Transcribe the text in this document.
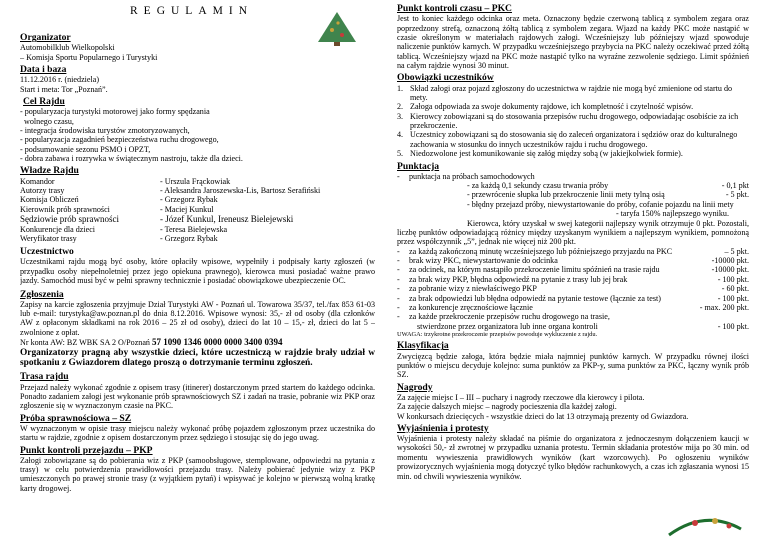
REGULAMIN
Organizator
Automobilklub Wielkopolski
– Komisja Sportu Popularnego i Turystyki
Data i baza
11.12.2016 r. (niedziela)
Start i meta: Tor „Poznań”.
Cel Rajdu
- popularyzacja turystyki motorowej jako formy spędzania
wolnego czasu,
- integracja środowiska turystów zmotoryzowanych,
- popularyzacja zagadnień bezpieczeństwa ruchu drogowego,
- podsumowanie sezonu PSMO i OPZT,
- dobra zabawa i rozrywka w świątecznym nastroju, także dla dzieci.
Władze Rajdu
Komandor	- Urszula Frąckowiak
Autorzy trasy	- Aleksandra Jaroszewska-Lis, Bartosz Serafiński
Komisja Obliczeń	- Grzegorz Rybak
Kierownik prób sprawności	- Maciej Kunkul
Sędziowie prób sprawności	- Józef Kunkul, Ireneusz Bielejewski
Konkurencje dla dzieci	- Teresa Bielejewska
Weryfikator trasy	- Grzegorz Rybak
Uczestnictwo

Uczestnikami rajdu mogą być osoby, które opłaciły wpisowe, wypełniły i podpisały karty zgłoszeń (w przypadku osoby niepełnoletniej przez jego opiekuna prawnego), kierowca musi posiadać ważne prawo jazdy. Samochód musi być w pełni sprawny technicznie i posiadać obowiązkowe ubezpieczenie OC.

Zgłoszenia

Zapisy na karcie zgłoszenia przyjmuje Dział Turystyki AW - Poznań ul. Towarowa 35/37, tel./fax 853 61-03 lub e-mail: turystyka@aw.poznan.pl do dnia 8.12.2016. Wpisowe wynosi: 35,- zł od osoby (dla członków AW z opłaconym składkami na rok 2016 – 25 zł od osoby), dzieci do lat 10 – 15,- zł, dzieci do lat 5 – zwolnione z opłat.

Nr konta AW: BZ WBK SA 2 O/Poznań 57 1090 1346 0000 0000 3400 0394

Organizatorzy pragną aby wszystkie dzieci, które uczestniczą w rajdzie brały udział w spotkaniu z Gwiazdorem dlatego proszą o dotrzymanie terminu zgłoszeń.

Trasa rajdu

Przejazd należy wykonać zgodnie z opisem trasy (itinerer) dostarczonym przed startem do każdego odcinka. Ponadto zadaniem załogi jest wykonanie prób sprawnościowych SZ i zadań na trasie, pobranie wiz PKP oraz zgłoszenie się w wyznaczonym czasie na PKC.

Próba sprawnościowa – SZ

W wyznaczonym w opisie trasy miejscu należy wykonać próbę pojazdem zgłoszonym przez uczestnika do startu w rajdzie, zgodnie z opisem dostarczonym przez sędziego i stosując się do jego uwag.

Punkt kontroli przejazdu – PKP

Załogi zobowiązane są do pobierania wiz z PKP (samoobsługowe, stemplowane, odpowiedzi na pytania z trasy) w celu potwierdzenia prawidłowości przejazdu trasy. Należy pobierać jedynie wizy z PKP umieszczonych po prawej stronie trasy (z wyjątkiem pytań) i wpisywać je kolejno w pierwszą wolną kratkę karty drogowej.

Punkt kontroli czasu – PKC

Jest to koniec każdego odcinka oraz meta. Oznaczony będzie czerwoną tablicą z symbolem zegara oraz poprzedzony strefą, oznaczoną żółtą tablicą z symbolem zegara. Wjazd na każdy PKC może nastąpić w czasie określonym w materiałach rajdowych załogi. Wcześniejszy lub późniejszy wjazd spowoduje naliczenie punktów karnych. W przypadku wcześniejszego przybycia na PKC należy oczekiwać przed żółtą tablicą. Wcześniejszy wjazd na PKC może nastąpić tylko na wyraźne zezwolenie sędziego. Limit spóźnień na całym rajdzie wynosi 30 minut.

Obowiązki uczestników
1. Skład załogi oraz pojazd zgłoszony do uczestnictwa w rajdzie nie mogą być zmienione od startu do mety.
2. Załoga odpowiada za swoje dokumenty rajdowe, ich kompletność i czytelność wpisów.
3. Kierowcy zobowiązani są do stosowania przepisów ruchu drogowego, odpowiadając osobiście za ich przekroczenie.
4. Uczestnicy zobowiązani są do stosowania się do zaleceń organizatora i sędziów oraz do kulturalnego zachowania w stosunku do innych uczestników rajdu i ruchu drogowego.
5. Niedozwolone jest komunikowanie się załóg między sobą (w jakiejkolwiek formie).
Punktacja
-	punktacja na próbach samochodowych
- za każdą 0,1 sekundy czasu trwania próby	- 0,1 pkt
- przewrócenie słupka lub przekroczenie linii mety tylną osią	- 5 pkt.
- błędny przejazd próby, niewystartowanie do próby, cofanie pojazdu na linii mety
- taryfa 150% najlepszego wyniku.

Kierowca, który uzyskał w swej kategorii najlepszy wynik otrzymuje 0 pkt. Pozostali, liczbę punktów odpowiadającą różnicy między uzyskanym wynikiem a najlepszym wynikiem, pomnożoną przez współczynnik „5”, jednak nie więcej niż 200 pkt.

-	za każdą zakończoną minutę wcześniejszego lub późniejszego przyjazdu na PKC	– 5 pkt.
-	brak wizy PKC, niewystartowanie do odcinka	-10000 pkt.
-	za odcinek, na którym nastąpiło przekroczenie limitu spóźnień na trasie rajdu	-10000 pkt.
-	za brak wizy PKP, błędna odpowiedź na pytanie z trasy lub jej brak	- 100 pkt.
-	za pobranie wizy z niewłaściwego PKP	- 60 pkt.
-	za brak odpowiedzi lub błędna odpowiedź na pytanie testowe (łącznie za test)	- 100 pkt.
-	za konkurencje zręcznościowe łącznie	- max. 200 pkt.
-	za każde przekroczenie przepisów ruchu drogowego na trasie,
stwierdzone przez organizatora lub inne organa kontroli	- 100 pkt.
UWAGA: trzykrotne przekroczenie przepisów powoduje wykluczenie z rajdu.
Klasyfikacja

Zwycięzcą będzie załoga, która będzie miała najmniej punktów karnych. W przypadku równej ilości punktów o miejscu decyduje kolejno: suma punktów za PKP-y, suma punktów za PKC, łączny wynik prób SZ.

Nagrody
Za zajęcie miejsc I – III – puchary i nagrody rzeczowe dla kierowcy i pilota.
Za zajęcie dalszych miejsc – nagrody pocieszenia dla każdej załogi.
W konkursach dziecięcych - wszystkie dzieci do lat 13 otrzymają prezenty od Gwiazdora.
Wyjaśnienia i protesty

Wyjaśnienia i protesty należy składać na piśmie do organizatora z jednoczesnym dołączeniem kaucji w wysokości 50,- zł zwrotnej w przypadku uznania protestu. Termin składania protestów mija po 30 min. od momentu wywieszenia prawidłowych wyników (kart wzorcowych). Po ogłoszeniu wyników prowizorycznych wyjaśnienia mogą dotyczyć tylko błędów rachunkowych, a czas ich zgłaszania wynosi 15 min. od chwili wywieszenia wyników.
